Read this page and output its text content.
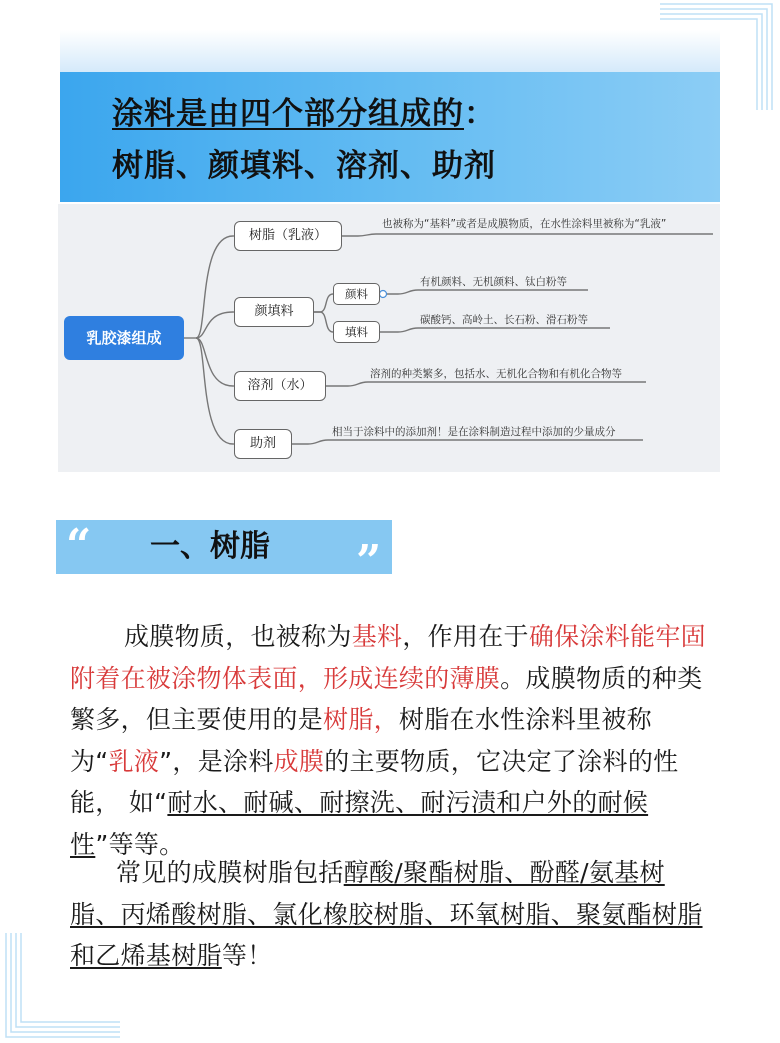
涂料是由四个部分组成的：
树脂、颜填料、溶剂、助剂
乳胶漆组成
树脂（乳液）
也被称为“基料”或者是成膜物质，在水性涂料里被称为“乳液”
颜填料
颜料
有机颜料、无机颜料、钛白粉等
填料
碳酸钙、高岭土、长石粉、滑石粉等
溶剂（水）
溶剂的种类繁多，包括水、无机化合物和有机化合物等
助剂
相当于涂料中的添加剂！是在涂料制造过程中添加的少量成分
“ 一、树脂 ”

成膜物质，也被称为基料，作用在于确保涂料能牢固附着在被涂物体表面，形成连续的薄膜。成膜物质的种类繁多，但主要使用的是树脂，树脂在水性涂料里被称为“乳液”，是涂料成膜的主要物质，它决定了涂料的性能， 如“耐水、耐碱、耐擦洗、耐污渍和户外的耐候性”等等。

常见的成膜树脂包括醇酸/聚酯树脂、酚醛/氨基树脂、丙烯酸树脂、氯化橡胶树脂、环氧树脂、聚氨酯树脂和乙烯基树脂等！
